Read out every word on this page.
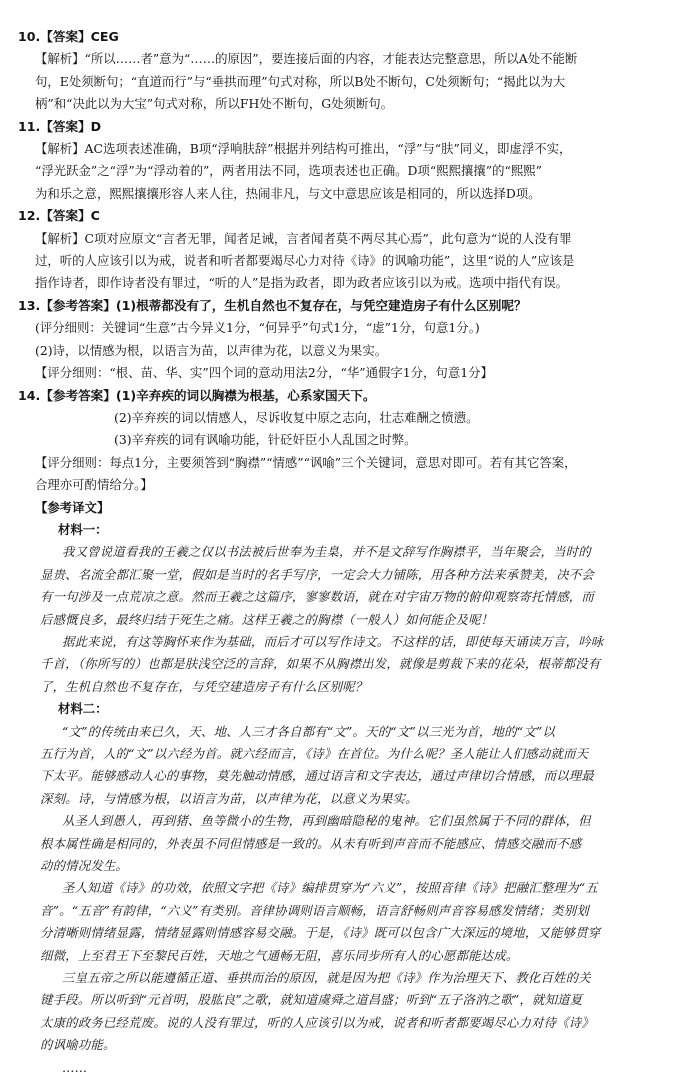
10.【答案】CEG
【解析】“所以……者”意为“……的原因”，要连接后面的内容，才能表达完整意思，所以A处不能断
句，E处须断句；“直道而行”与“垂拱而理”句式对称，所以B处不断句，C处须断句；“揭此以为大
柄”和“决此以为大宝”句式对称，所以FH处不断句，G处须断句。
11.【答案】D
【解析】AC选项表述准确，B项“浮响肤辞”根据并列结构可推出，“浮”与“肤”同义，即虚浮不实，
“浮光跃金”之“浮”为“浮动着的”，两者用法不同，选项表述也正确。D项“熙熙攘攘”的“熙熙”
为和乐之意，熙熙攘攘形容人来人往，热闹非凡，与文中意思应该是相同的，所以选择D项。
12.【答案】C
【解析】C项对应原文“言者无罪，闻者足诫，言者闻者莫不两尽其心焉”，此句意为“说的人没有罪
过，听的人应该引以为戒，说者和听者都要竭尽心力对待《诗》的讽喻功能”，这里“说的人”应该是
指作诗者，即作诗者没有罪过，“听的人”是指为政者，即为政者应该引以为戒。选项中指代有误。
13.【参考答案】(1)根蒂都没有了，生机自然也不复存在，与凭空建造房子有什么区别呢？
(评分细则：关键词“生意”古今异义1分，“何异乎”句式1分，“虚”1分，句意1分。)
(2)诗，以情感为根，以语言为苗，以声律为花，以意义为果实。
【评分细则：“根、苗、华、实”四个词的意动用法2分，“华”通假字1分，句意1分】
14.【参考答案】(1)辛弃疾的词以胸襟为根基，心系家国天下。
(2)辛弃疾的词以情感人，尽诉收复中原之志向，壮志难酬之愤懑。
(3)辛弃疾的词有讽喻功能，针砭奸臣小人乱国之时弊。
【评分细则：每点1分，主要须答到“胸襟”“情感”“讽喻”三个关键词，意思对即可。若有其它答案，
合理亦可酌情给分。】
【参考译文】
材料一：
我又曾说道看我的王羲之仅以书法被后世奉为圭臬，并不是文辞写作胸襟平，当年聚会，当时的
显贵、名流全都汇聚一堂，假如是当时的名手写序，一定会大力铺陈，用各种方法来承赞美，决不会
有一句涉及一点荒凉之意。然而王羲之这篇序，寥寥数语，就在对宇宙万物的俯仰观察寄托情感，而
后感慨良多，最终归结于死生之痛。这样王羲之的胸襟（一般人）如何能企及呢！
据此来说，有这等胸怀来作为基础，而后才可以写作诗文。不这样的话，即使每天诵读万言，吟咏
千首，（你所写的）也都是肤浅空泛的言辞，如果不从胸襟出发，就像是剪裁下来的花朵，根蒂都没有
了，生机自然也不复存在，与凭空建造房子有什么区别呢？
材料二：
“文”的传统由来已久，天、地、人三才各自都有“文”。天的“文”以三光为首，地的“文”以
五行为首，人的“文”以六经为首。就六经而言，《诗》在首位。为什么呢？圣人能让人们感动就而天
下太平。能够感动人心的事物，莫先触动情感，通过语言和文字表达，通过声律切合情感，而以理最
深刻。诗，与情感为根，以语言为苗，以声律为花，以意义为果实。
从圣人到愚人，再到猪、鱼等微小的生物，再到幽暗隐秘的鬼神。它们虽然属于不同的群体，但
根本属性确是相同的，外表虽不同但情感是一致的。从未有听到声音而不能感应、情感交融而不感
动的情况发生。
圣人知道《诗》的功效，依照文字把《诗》编排贯穿为“六义”，按照音律《诗》把融汇整理为“五
音”。“五音”有韵律，“六义”有类别。音律协调则语言顺畅，语言舒畅则声音容易感发情绪；类别划
分清晰则情绪显露，情绪显露则情感容易交融。于是，《诗》既可以包含广大深远的境地，又能够贯穿
细微，上至君王下至黎民百姓，天地之气通畅无阻，喜乐同步所有人的心愿都能达成。
三皇五帝之所以能遵循正道、垂拱而治的原因，就是因为把《诗》作为治理天下、教化百姓的关
键手段。所以听到“元首明，股肱良”之歌，就知道虞舜之道昌盛；听到“五子洛汭之歌”，就知道夏
太康的政务已经荒废。说的人没有罪过，听的人应该引以为戒，说者和听者都要竭尽心力对待《诗》
的讽喻功能。
……
